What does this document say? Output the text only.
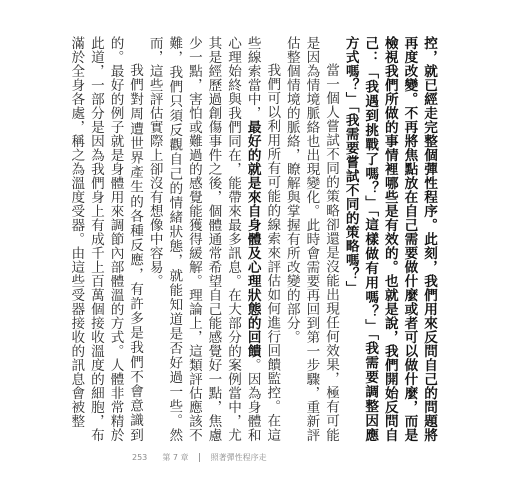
控，就已經走完整個彈性程序。此刻，我們用來反問自己的問題將再度改變。不再將焦點放在自己需要做什麼或者可以做什麼，而是檢視我們所做的事情裡哪些是有效的。也就是說，我們開始反問自己：「我遇到挑戰了嗎？」「這樣做有用嗎？」「我需要調整因應方式嗎？」「我需要嘗試不同的策略嗎？」

當一個人嘗試不同的策略卻還是沒能出現任何效果，極有可能是因為情境脈絡也出現變化。此時會需要再回到第一步驟，重新評估整個情境的脈絡，瞭解與掌握有所改變的部分。

我們可以利用所有可能的線索來評估如何進行回饋監控。在這些線索當中，最好的就是來自身體及心理狀態的回饋。因為身體和心理始終與我們同在，能帶來最多訊息。在大部分的案例當中，尤其是經歷過創傷事件之後，個體通常希望自己能感覺好一點，焦慮少一點，害怕或難過的感覺能獲得緩解。理論上，這類評估應該不難，我們只須反觀自己的情緒狀態，就能知道是否好過一些。然而，這些評估實際上卻沒有想像中容易。

我們對周遭世界產生的各種反應，有許多是我們不會意識到的。最好的例子就是身體用來調節內部體溫的方式。人體非常精於此道，一部分是因為我們身上有成千上百萬個接收溫度的細胞，布滿於全身各處，稱之為溫度受器。由這些受器接收的訊息會被整

253 第 7 章	照著彈性程序走
